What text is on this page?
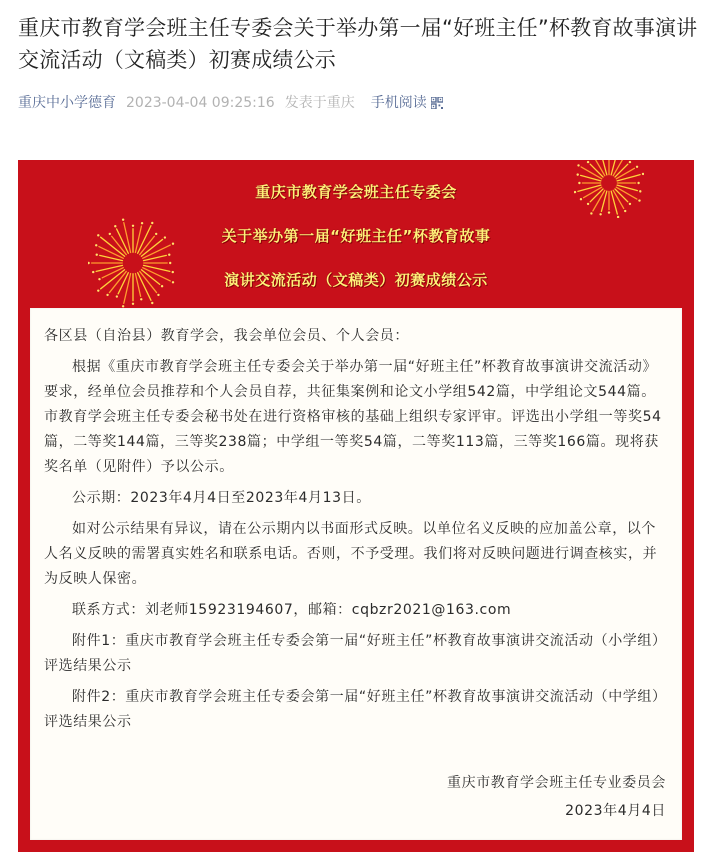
重庆市教育学会班主任专委会关于举办第一届“好班主任”杯教育故事演讲交流活动（文稿类）初赛成绩公示
重庆中小学德育 2023-04-04 09:25:16 发表于重庆 手机阅读
重庆市教育学会班主任专委会
关于举办第一届“好班主任”杯教育故事
演讲交流活动（文稿类）初赛成绩公示

各区县（自治县）教育学会，我会单位会员、个人会员：

根据《重庆市教育学会班主任专委会关于举办第一届“好班主任”杯教育故事演讲交流活动》要求，经单位会员推荐和个人会员自荐，共征集案例和论文小学组542篇，中学组论文544篇。市教育学会班主任专委会秘书处在进行资格审核的基础上组织专家评审。评选出小学组一等奖54篇，二等奖144篇，三等奖238篇；中学组一等奖54篇，二等奖113篇，三等奖166篇。现将获奖名单（见附件）予以公示。

公示期：2023年4月4日至2023年4月13日。

如对公示结果有异议，请在公示期内以书面形式反映。以单位名义反映的应加盖公章，以个人名义反映的需署真实姓名和联系电话。否则，不予受理。我们将对反映问题进行调查核实，并为反映人保密。

联系方式：刘老师15923194607，邮箱：cqbzr2021@163.com

附件1：重庆市教育学会班主任专委会第一届“好班主任”杯教育故事演讲交流活动（小学组）评选结果公示

附件2：重庆市教育学会班主任专委会第一届“好班主任”杯教育故事演讲交流活动（中学组）评选结果公示

重庆市教育学会班主任专业委员会
2023年4月4日
